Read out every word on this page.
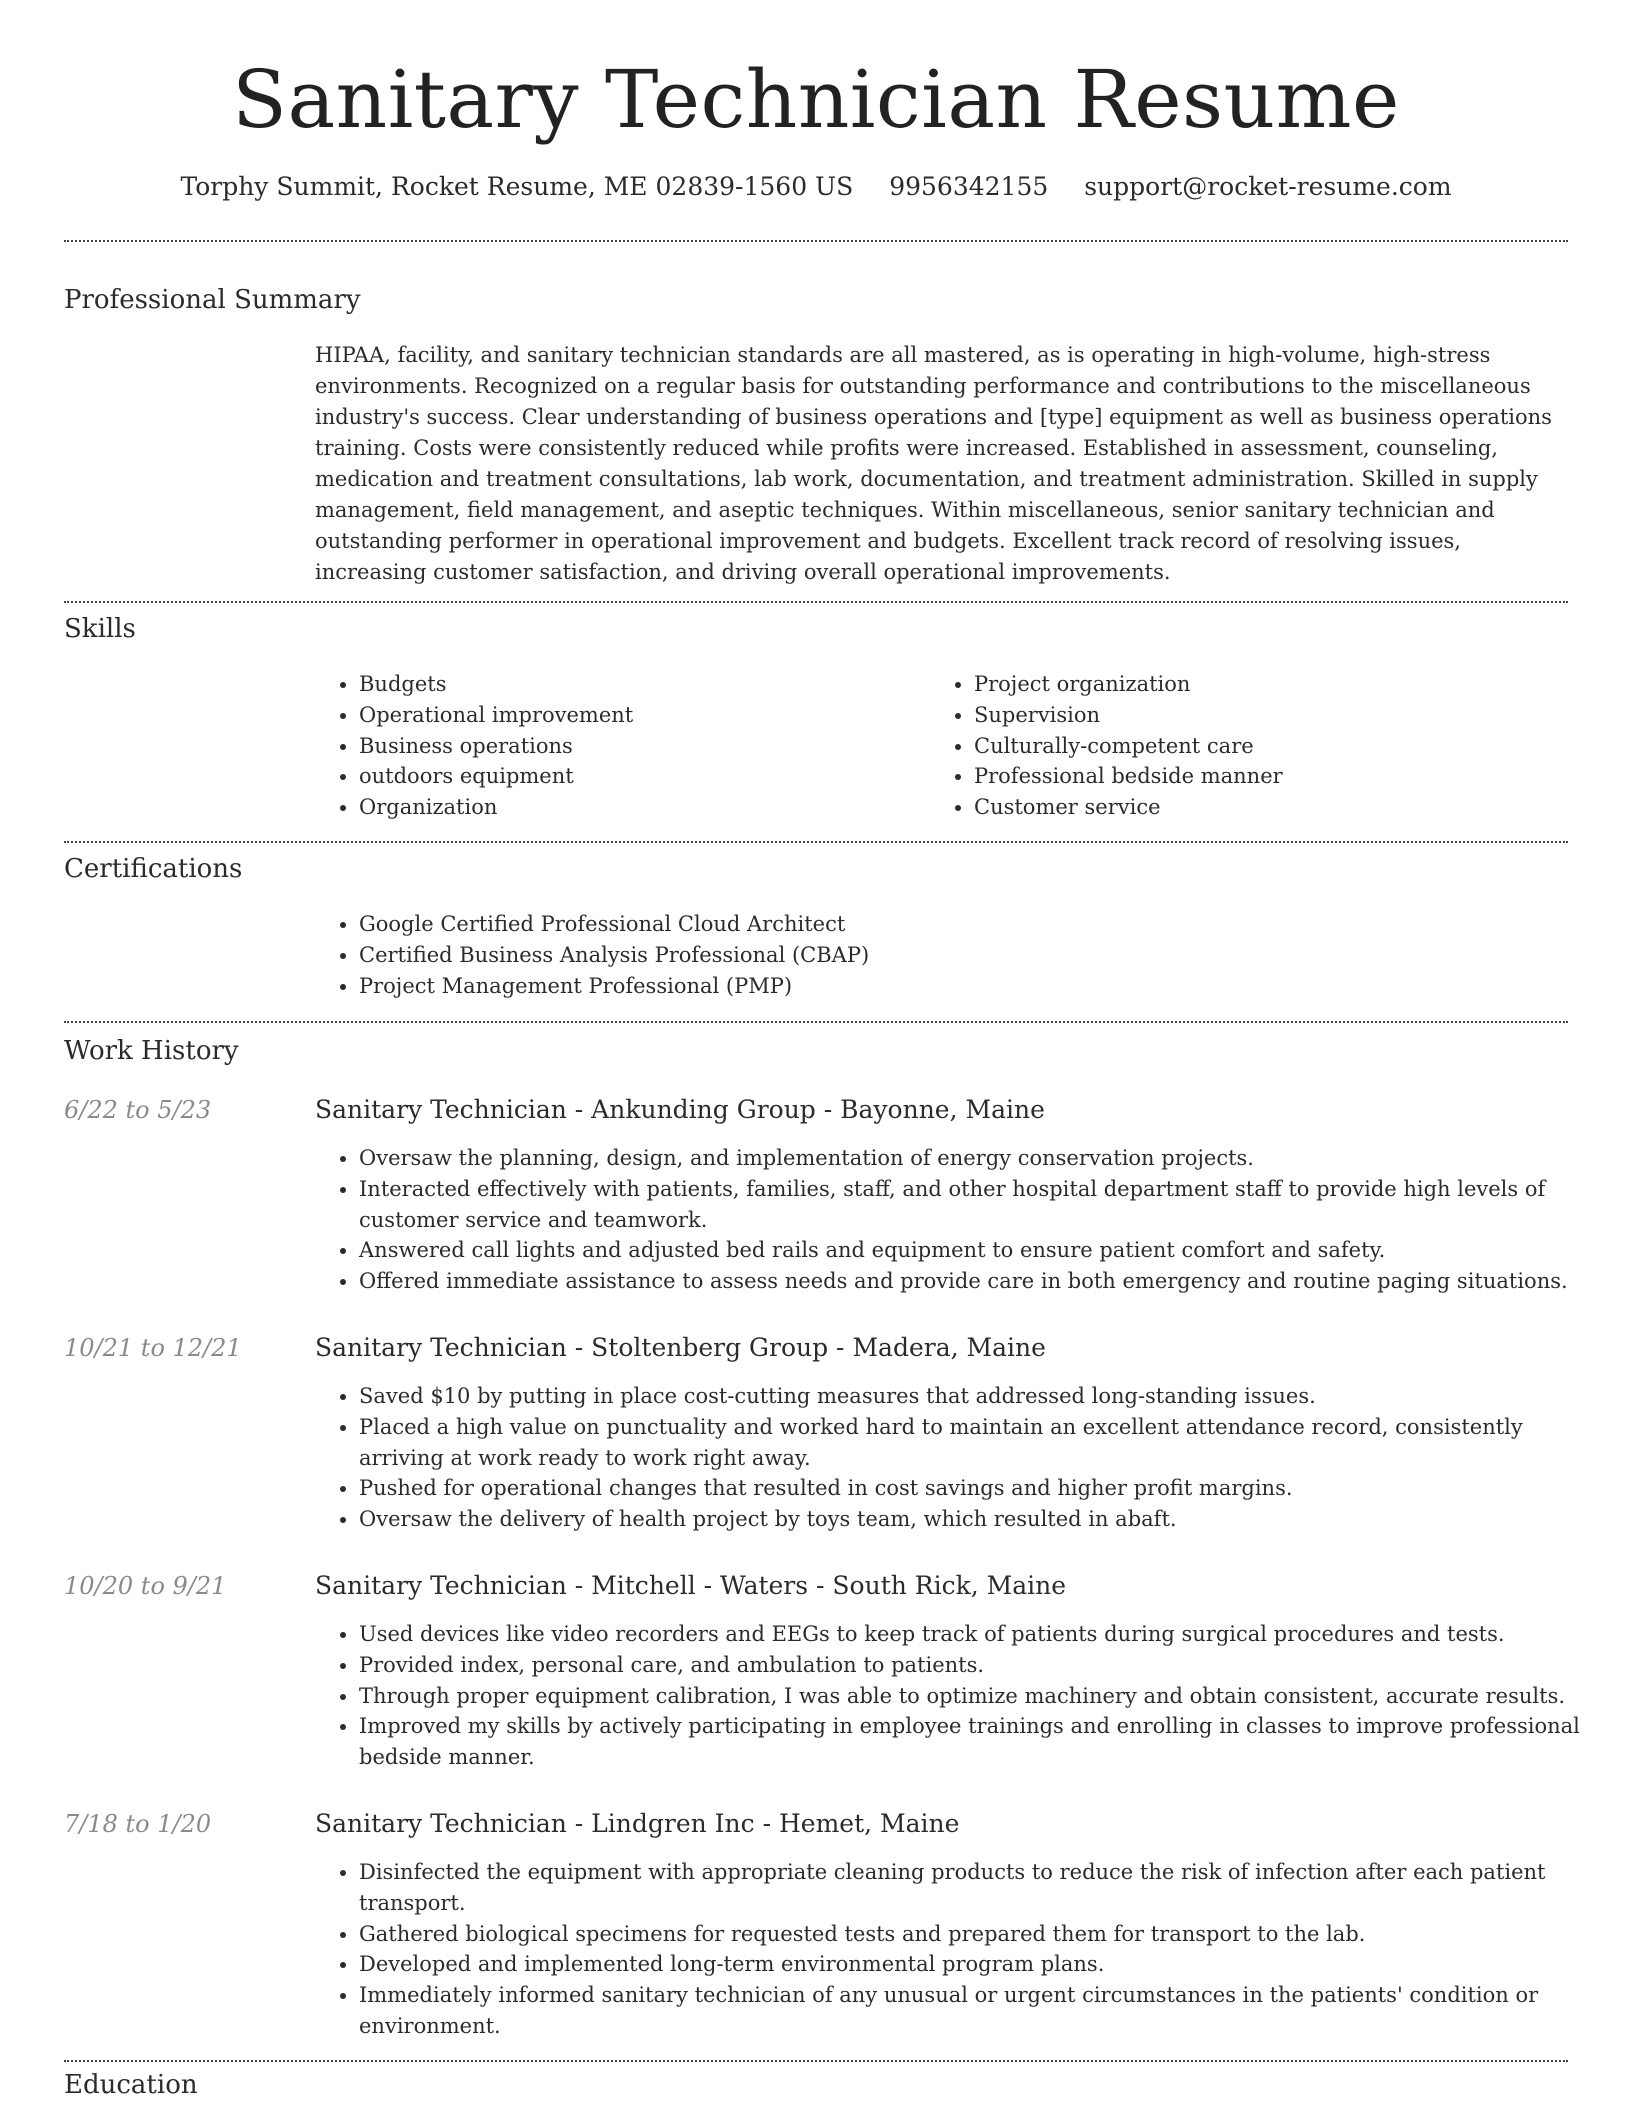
Sanitary Technician Resume
Torphy Summit, Rocket Resume, ME 02839-1560 US 9956342155 support@rocket-resume.com
Professional Summary

HIPAA, facility, and sanitary technician standards are all mastered, as is operating in high-volume, high-stress environments. Recognized on a regular basis for outstanding performance and contributions to the miscellaneous industry's success. Clear understanding of business operations and [type] equipment as well as business operations training. Costs were consistently reduced while profits were increased. Established in assessment, counseling, medication and treatment consultations, lab work, documentation, and treatment administration. Skilled in supply management, field management, and aseptic techniques. Within miscellaneous, senior sanitary technician and outstanding performer in operational improvement and budgets. Excellent track record of resolving issues, increasing customer satisfaction, and driving overall operational improvements.

Skills
• Budgets
• Operational improvement
• Business operations
• outdoors equipment
• Organization
• Project organization
• Supervision
• Culturally-competent care
• Professional bedside manner
• Customer service
Certifications
• Google Certified Professional Cloud Architect
• Certified Business Analysis Professional (CBAP)
• Project Management Professional (PMP)
Work History
6/22 to 5/23	Sanitary Technician - Ankunding Group - Bayonne, Maine
• Oversaw the planning, design, and implementation of energy conservation projects.
• Interacted effectively with patients, families, staff, and other hospital department staff to provide high levels of customer service and teamwork.
• Answered call lights and adjusted bed rails and equipment to ensure patient comfort and safety.
• Offered immediate assistance to assess needs and provide care in both emergency and routine paging situations.
10/21 to 12/21	Sanitary Technician - Stoltenberg Group - Madera, Maine
• Saved $10 by putting in place cost-cutting measures that addressed long-standing issues.
• Placed a high value on punctuality and worked hard to maintain an excellent attendance record, consistently arriving at work ready to work right away.
• Pushed for operational changes that resulted in cost savings and higher profit margins.
• Oversaw the delivery of health project by toys team, which resulted in abaft.
10/20 to 9/21	Sanitary Technician - Mitchell - Waters - South Rick, Maine
• Used devices like video recorders and EEGs to keep track of patients during surgical procedures and tests.
• Provided index, personal care, and ambulation to patients.
• Through proper equipment calibration, I was able to optimize machinery and obtain consistent, accurate results.
• Improved my skills by actively participating in employee trainings and enrolling in classes to improve professional bedside manner.
7/18 to 1/20	Sanitary Technician - Lindgren Inc - Hemet, Maine
• Disinfected the equipment with appropriate cleaning products to reduce the risk of infection after each patient transport.
• Gathered biological specimens for requested tests and prepared them for transport to the lab.
• Developed and implemented long-term environmental program plans.
• Immediately informed sanitary technician of any unusual or urgent circumstances in the patients' condition or environment.
Education
